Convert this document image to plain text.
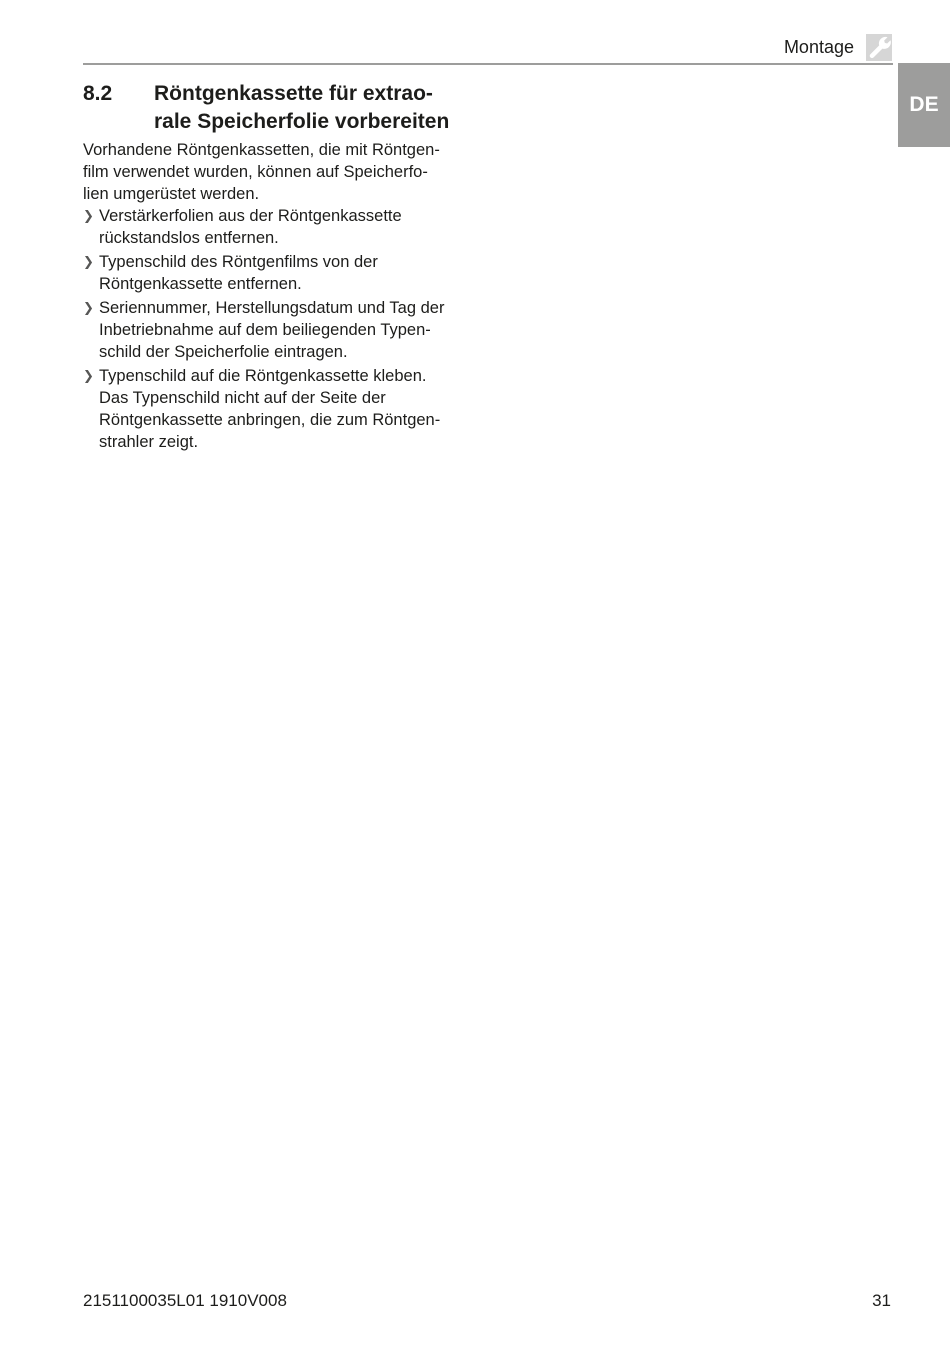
Montage
DE
8.2 Röntgenkassette für extrao-
rale Speicherfolie vorbereiten
Vorhandene Röntgenkassetten, die mit Röntgen-
film verwendet wurden, können auf Speicherfo-
lien umgerüstet werden.
❯ Verstärkerfolien aus der Röntgenkassette
rückstandslos entfernen.
❯ Typenschild des Röntgenfilms von der
Röntgenkassette entfernen.
❯ Seriennummer, Herstellungsdatum und Tag der
Inbetriebnahme auf dem beiliegenden Typen-
schild der Speicherfolie eintragen.
❯ Typenschild auf die Röntgenkassette kleben.
Das Typenschild nicht auf der Seite der
Röntgenkassette anbringen, die zum Röntgen-
strahler zeigt.
2151100035L01 1910V008	31
